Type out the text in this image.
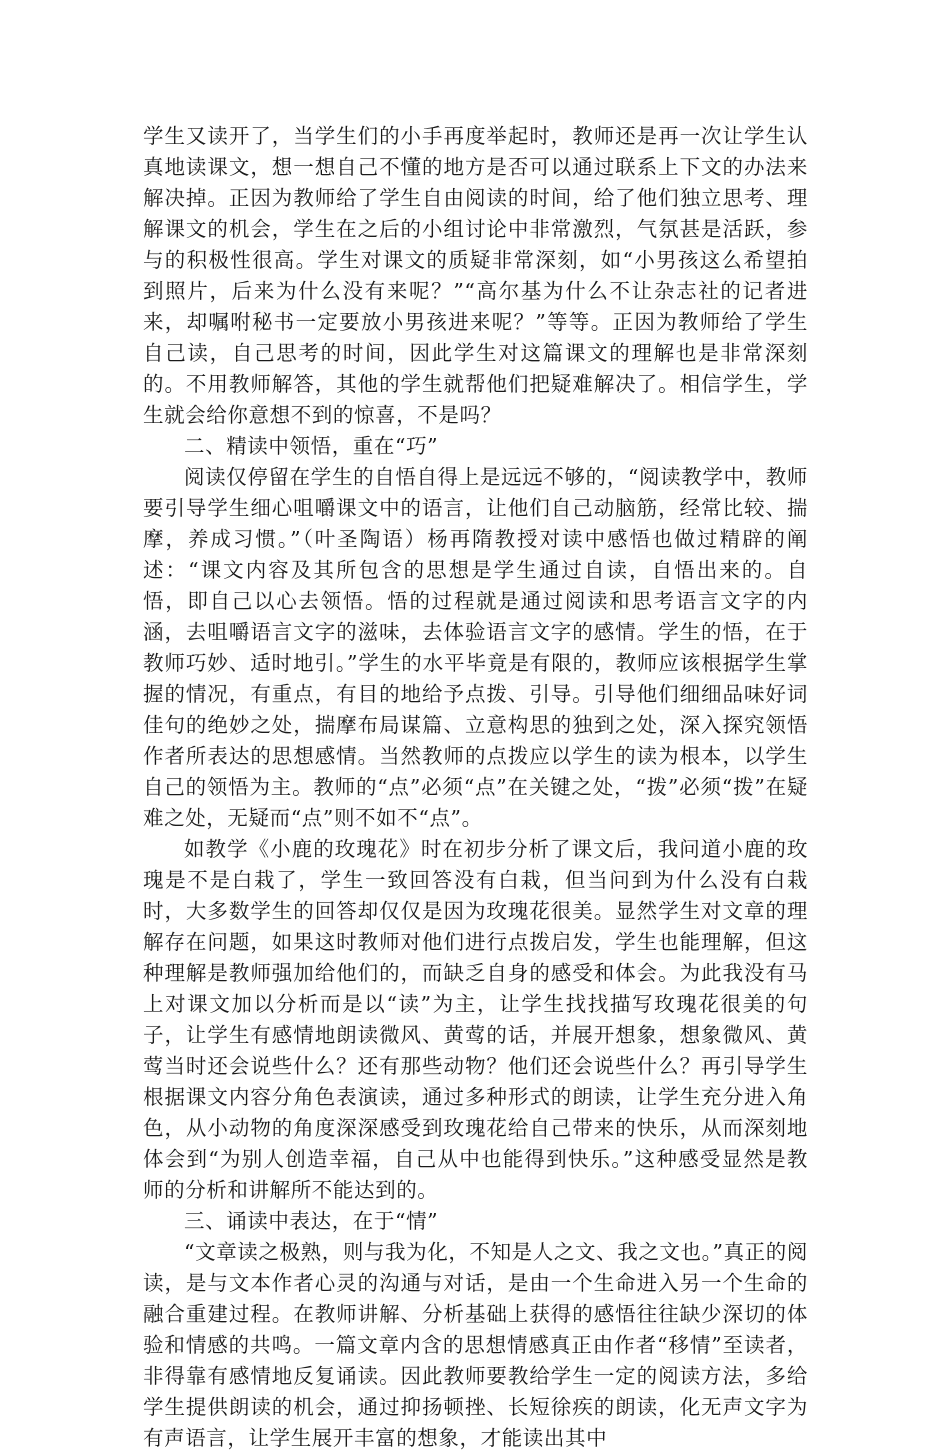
学生又读开了，当学生们的小手再度举起时，教师还是再一次让学生认真地读课文，想一想自己不懂的地方是否可以通过联系上下文的办法来解决掉。正因为教师给了学生自由阅读的时间，给了他们独立思考、理解课文的机会，学生在之后的小组讨论中非常激烈，气氛甚是活跃，参与的积极性很高。学生对课文的质疑非常深刻，如“小男孩这么希望拍到照片，后来为什么没有来呢？”“高尔基为什么不让杂志社的记者进来，却嘱咐秘书一定要放小男孩进来呢？”等等。正因为教师给了学生自己读，自己思考的时间，因此学生对这篇课文的理解也是非常深刻的。不用教师解答，其他的学生就帮他们把疑难解决了。相信学生，学生就会给你意想不到的惊喜，不是吗？

二、精读中领悟，重在“巧”

阅读仅停留在学生的自悟自得上是远远不够的，“阅读教学中，教师要引导学生细心咀嚼课文中的语言，让他们自己动脑筋，经常比较、揣摩，养成习惯。”（叶圣陶语）杨再隋教授对读中感悟也做过精辟的阐述：“课文内容及其所包含的思想是学生通过自读，自悟出来的。自悟，即自己以心去领悟。悟的过程就是通过阅读和思考语言文字的内涵，去咀嚼语言文字的滋味，去体验语言文字的感情。学生的悟，在于教师巧妙、适时地引。”学生的水平毕竟是有限的，教师应该根据学生掌握的情况，有重点，有目的地给予点拨、引导。引导他们细细品味好词佳句的绝妙之处，揣摩布局谋篇、立意构思的独到之处，深入探究领悟作者所表达的思想感情。当然教师的点拨应以学生的读为根本，以学生自己的领悟为主。教师的“点”必须“点”在关键之处，“拨”必须“拨”在疑难之处，无疑而“点”则不如不“点”。

如教学《小鹿的玫瑰花》时在初步分析了课文后，我问道小鹿的玫瑰是不是白栽了，学生一致回答没有白栽，但当问到为什么没有白栽时，大多数学生的回答却仅仅是因为玫瑰花很美。显然学生对文章的理解存在问题，如果这时教师对他们进行点拨启发，学生也能理解，但这种理解是教师强加给他们的，而缺乏自身的感受和体会。为此我没有马上对课文加以分析而是以“读”为主，让学生找找描写玫瑰花很美的句子，让学生有感情地朗读微风、黄莺的话，并展开想象，想象微风、黄莺当时还会说些什么？还有那些动物？他们还会说些什么？再引导学生根据课文内容分角色表演读，通过多种形式的朗读，让学生充分进入角色，从小动物的角度深深感受到玫瑰花给自己带来的快乐，从而深刻地体会到“为别人创造幸福，自己从中也能得到快乐。”这种感受显然是教师的分析和讲解所不能达到的。

三、诵读中表达，在于“情”

“文章读之极熟，则与我为化，不知是人之文、我之文也。”真正的阅读，是与文本作者心灵的沟通与对话，是由一个生命进入另一个生命的融合重建过程。在教师讲解、分析基础上获得的感悟往往缺少深切的体验和情感的共鸣。一篇文章内含的思想情感真正由作者“移情”至读者，非得靠有感情地反复诵读。因此教师要教给学生一定的阅读方法，多给学生提供朗读的机会，通过抑扬顿挫、长短徐疾的朗读，化无声文字为有声语言，让学生展开丰富的想象，才能读出其中
